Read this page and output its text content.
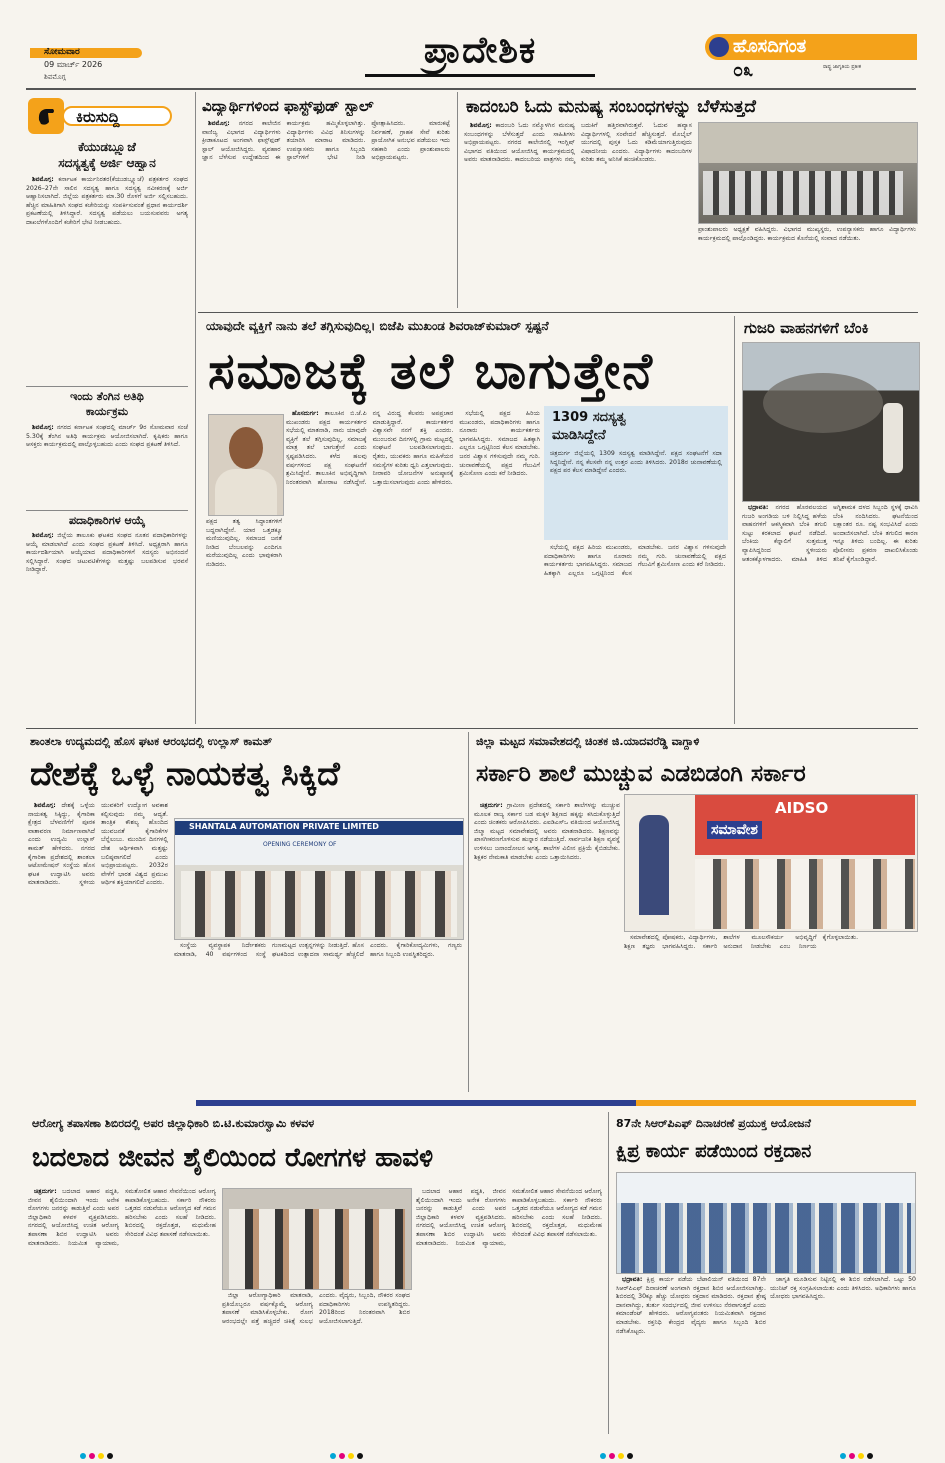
ಸೋಮವಾರ
09 ಮಾರ್ಚ್ 2026
ಶಿವಮೊಗ್ಗ
ಪ್ರಾದೇಶಿಕ	ಹೊಸದಿಗಂತ
ರಾಷ್ಟ್ರ ಜಾಗೃತಿಯ ಪ್ರತೀಕ
೦೩
ಕಿರುಸುದ್ದಿ
ಕೆಯುಡಬ್ಲ್ಯೂಜೆ
ಸದಸ್ಯತ್ವಕ್ಕೆ ಅರ್ಜಿ ಆಹ್ವಾನ

ಶಿವಮೊಗ್ಗ: ಕರ್ನಾಟಕ ಕಾರ್ಯನಿರತರ(ಕೆಯುಡಬ್ಲ್ಯೂಜೆ) ಪತ್ರಕರ್ತರ ಸಂಘದ 2026–27ನೇ ಸಾಲಿನ ಸದಸ್ಯತ್ವ ಹಾಗೂ ಸದಸ್ಯತ್ವ ನವೀಕರಣಕ್ಕೆ ಅರ್ಜಿ ಆಹ್ವಾನಿಸಲಾಗಿದೆ. ಜಿಲ್ಲೆಯ ಪತ್ರಕರ್ತರು ಮಾ.30 ರೊಳಗೆ ಅರ್ಜಿ ಸಲ್ಲಿಸಬಹುದು. ಹೆಚ್ಚಿನ ಮಾಹಿತಿಗಾಗಿ ಸಂಘದ ಕಚೇರಿಯನ್ನು ಸಂಪರ್ಕಿಸುವಂತೆ ಪ್ರಧಾನ ಕಾರ್ಯದರ್ಶಿ ಪ್ರಕಟಣೆಯಲ್ಲಿ ತಿಳಿಸಿದ್ದಾರೆ. ಸದಸ್ಯತ್ವ ಪಡೆಯಲು ಬಯಸುವವರು ಅಗತ್ಯ ದಾಖಲೆಗಳೊಂದಿಗೆ ಕಚೇರಿಗೆ ಭೇಟಿ ನೀಡಬಹುದು.

ಇಂದು ತೆಂಗಿನ ಅತಿಥಿ
ಕಾರ್ಯಕ್ರಮ

ಶಿವಮೊಗ್ಗ: ನಗರದ ಕರ್ನಾಟಕ ಸಂಘದಲ್ಲಿ ಮಾರ್ಚ್ 9ರ ಸೋಮವಾರ ಸಂಜೆ 5.30ಕ್ಕೆ ತೆಂಗಿನ ಅತಿಥಿ ಕಾರ್ಯಕ್ರಮ ಆಯೋಜಿಸಲಾಗಿದೆ. ಕೃಷಿಕರು ಹಾಗೂ ಆಸಕ್ತರು ಕಾರ್ಯಕ್ರಮದಲ್ಲಿ ಪಾಲ್ಗೊಳ್ಳಬಹುದು ಎಂದು ಸಂಘದ ಪ್ರಕಟಣೆ ತಿಳಿಸಿದೆ.

ಪದಾಧಿಕಾರಿಗಳ ಆಯ್ಕೆ

ಶಿವಮೊಗ್ಗ: ಜಿಲ್ಲೆಯ ತಾಲೂಕು ಘಟಕದ ಸಂಘದ ನೂತನ ಪದಾಧಿಕಾರಿಗಳನ್ನು ಆಯ್ಕೆ ಮಾಡಲಾಗಿದೆ ಎಂದು ಸಂಘದ ಪ್ರಕಟಣೆ ತಿಳಿಸಿದೆ. ಅಧ್ಯಕ್ಷರಾಗಿ ಹಾಗೂ ಕಾರ್ಯದರ್ಶಿಯಾಗಿ ಆಯ್ಕೆಯಾದ ಪದಾಧಿಕಾರಿಗಳಿಗೆ ಸದಸ್ಯರು ಅಭಿನಂದನೆ ಸಲ್ಲಿಸಿದ್ದಾರೆ. ಸಂಘದ ಚಟುವಟಿಕೆಗಳನ್ನು ಮತ್ತಷ್ಟು ಬಲಪಡಿಸುವ ಭರವಸೆ ನೀಡಿದ್ದಾರೆ.

ವಿದ್ಯಾರ್ಥಿಗಳಿಂದ ಫಾಸ್ಟ್‌ಫುಡ್ ಸ್ಟಾಲ್

ಶಿವಮೊಗ್ಗ: ನಗರದ ಕಾಲೇಜಿನ ವಾಣಿಜ್ಯ ವಿಭಾಗದ ವಿದ್ಯಾರ್ಥಿಗಳು ಕ್ರೀಡಾಕೂಟದ ಅಂಗವಾಗಿ ಫಾಸ್ಟ್‌ಫುಡ್ ಸ್ಟಾಲ್ ಆಯೋಜಿಸಿದ್ದರು. ವ್ಯವಹಾರ ಜ್ಞಾನ ಬೆಳೆಸುವ ಉದ್ದೇಶದಿಂದ ಈ ಕಾರ್ಯಕ್ರಮ ಹಮ್ಮಿಕೊಳ್ಳಲಾಗಿತ್ತು. ವಿದ್ಯಾರ್ಥಿಗಳು ವಿವಿಧ ತಿನಿಸುಗಳನ್ನು ತಯಾರಿಸಿ ಮಾರಾಟ ಮಾಡಿದರು. ಉಪನ್ಯಾಸಕರು ಹಾಗೂ ಸಿಬ್ಬಂದಿ ಸ್ಟಾಲ್‌ಗಳಿಗೆ ಭೇಟಿ ನೀಡಿ ಪ್ರೋತ್ಸಾಹಿಸಿದರು. ಮಾರುಕಟ್ಟೆ ನಿರ್ವಹಣೆ, ಗ್ರಾಹಕ ಸೇವೆ ಕುರಿತು ಪ್ರಾಯೋಗಿಕ ಅನುಭವ ಪಡೆಯಲು ಇದು ಸಹಕಾರಿ ಎಂದು ಪ್ರಾಂಶುಪಾಲರು ಅಭಿಪ್ರಾಯಪಟ್ಟರು.

ಕಾದಂಬರಿ ಓದು ಮನುಷ್ಯ ಸಂಬಂಧಗಳನ್ನು ಬೆಳೆಸುತ್ತದೆ

ಶಿವಮೊಗ್ಗ: ಕಾದಂಬರಿ ಓದು ನಮ್ಮೊಳಗಿನ ಮನುಷ್ಯ ಸಂಬಂಧಗಳನ್ನು ಬೆಳೆಸುತ್ತದೆ ಎಂದು ಸಾಹಿತಿಗಳು ಅಭಿಪ್ರಾಯಪಟ್ಟರು. ನಗರದ ಕಾಲೇಜಿನಲ್ಲಿ ಇಂಗ್ಲಿಷ್ ವಿಭಾಗದ ವತಿಯಿಂದ ಆಯೋಜಿಸಿದ್ದ ಕಾರ್ಯಕ್ರಮದಲ್ಲಿ ಅವರು ಮಾತನಾಡಿದರು. ಕಾದಂಬರಿಯ ಪಾತ್ರಗಳು ನಮ್ಮ ಬದುಕಿಗೆ ಹತ್ತಿರವಾಗಿರುತ್ತವೆ. ಓದುವ ಹವ್ಯಾಸ ವಿದ್ಯಾರ್ಥಿಗಳಲ್ಲಿ ಸಂವೇದನೆ ಹೆಚ್ಚಿಸುತ್ತದೆ. ಮೊಬೈಲ್ ಯುಗದಲ್ಲಿ ಪುಸ್ತಕ ಓದು ಕಡಿಮೆಯಾಗುತ್ತಿರುವುದು ವಿಷಾದನೀಯ ಎಂದರು. ವಿದ್ಯಾರ್ಥಿಗಳು ಕಾದಂಬರಿಗಳ ಕುರಿತು ತಮ್ಮ ಅನಿಸಿಕೆ ಹಂಚಿಕೊಂಡರು.

ಪ್ರಾಂಶುಪಾಲರು ಅಧ್ಯಕ್ಷತೆ ವಹಿಸಿದ್ದರು. ವಿಭಾಗದ ಮುಖ್ಯಸ್ಥರು, ಉಪನ್ಯಾಸಕರು ಹಾಗೂ ವಿದ್ಯಾರ್ಥಿಗಳು ಕಾರ್ಯಕ್ರಮದಲ್ಲಿ ಪಾಲ್ಗೊಂಡಿದ್ದರು. ಕಾರ್ಯಕ್ರಮದ ಕೊನೆಯಲ್ಲಿ ಸಂವಾದ ನಡೆಯಿತು.
ಯಾವುದೇ ವ್ಯಕ್ತಿಗೆ ನಾನು ತಲೆ ತಗ್ಗಿಸುವುದಿಲ್ಲ। ಬಿಜೆಪಿ ಮುಖಂಡ ಶಿವರಾಜ್‌ಕುಮಾರ್ ಸ್ಪಷ್ಟನೆ
ಸಮಾಜಕ್ಕೆ ತಲೆ ಬಾಗುತ್ತೇನೆ

ಹೊಸದುರ್ಗ: ತಾಲೂಕಿನ ಬಿ.ಜೆ.ಪಿ ಮುಖಂಡರು ಪಕ್ಷದ ಕಾರ್ಯಕರ್ತರ ಸಭೆಯಲ್ಲಿ ಮಾತನಾಡಿ, ನಾನು ಯಾವುದೇ ವ್ಯಕ್ತಿಗೆ ತಲೆ ತಗ್ಗಿಸುವುದಿಲ್ಲ, ಸಮಾಜಕ್ಕೆ ಮಾತ್ರ ತಲೆ ಬಾಗುತ್ತೇನೆ ಎಂದು ಸ್ಪಷ್ಟಪಡಿಸಿದರು. ಕಳೆದ ಹಲವು ವರ್ಷಗಳಿಂದ ಪಕ್ಷ ಸಂಘಟನೆಗೆ ಶ್ರಮಿಸಿದ್ದೇನೆ. ತಾಲೂಕಿನ ಅಭಿವೃದ್ಧಿಗಾಗಿ ನಿರಂತರವಾಗಿ ಹೋರಾಟ ನಡೆಸಿದ್ದೇನೆ. ನನ್ನ ವಿರುದ್ಧ ಕೆಲವರು ಅಪಪ್ರಚಾರ ಮಾಡುತ್ತಿದ್ದಾರೆ. ಕಾರ್ಯಕರ್ತರ ವಿಶ್ವಾಸವೇ ನನಗೆ ಶಕ್ತಿ ಎಂದರು. ಮುಂಬರುವ ದಿನಗಳಲ್ಲಿ ಗ್ರಾಮ ಮಟ್ಟದಲ್ಲಿ ಸಂಘಟನೆ ಬಲಪಡಿಸಲಾಗುವುದು. ರೈತರು, ಯುವಕರು ಹಾಗೂ ಮಹಿಳೆಯರ ಸಮಸ್ಯೆಗಳ ಕುರಿತು ಧ್ವನಿ ಎತ್ತಲಾಗುವುದು. ನೀರಾವರಿ ಯೋಜನೆಗಳ ಅನುಷ್ಠಾನಕ್ಕೆ ಒತ್ತಾಯಿಸಲಾಗುವುದು ಎಂದು ಹೇಳಿದರು.

ಸಭೆಯಲ್ಲಿ ಪಕ್ಷದ ಹಿರಿಯ ಮುಖಂಡರು, ಪದಾಧಿಕಾರಿಗಳು ಹಾಗೂ ನೂರಾರು ಕಾರ್ಯಕರ್ತರು ಭಾಗವಹಿಸಿದ್ದರು. ಸಮಾಜದ ಹಿತಕ್ಕಾಗಿ ಎಲ್ಲರೂ ಒಗ್ಗಟ್ಟಿನಿಂದ ಕೆಲಸ ಮಾಡಬೇಕು. ಜನರ ವಿಶ್ವಾಸ ಗಳಿಸುವುದೇ ನಮ್ಮ ಗುರಿ. ಚುನಾವಣೆಯಲ್ಲಿ ಪಕ್ಷದ ಗೆಲುವಿಗೆ ಶ್ರಮಿಸೋಣ ಎಂದು ಕರೆ ನೀಡಿದರು.

ಪಕ್ಷದ ತತ್ವ ಸಿದ್ಧಾಂತಗಳಿಗೆ ಬದ್ಧನಾಗಿದ್ದೇನೆ. ಯಾರ ಒತ್ತಡಕ್ಕೂ ಮಣಿಯುವುದಿಲ್ಲ. ಸಮಾಜದ ಜನತೆ ನೀಡಿದ ಬೆಂಬಲವನ್ನು ಎಂದಿಗೂ ಮರೆಯುವುದಿಲ್ಲ ಎಂದು ಭಾವುಕರಾಗಿ ನುಡಿದರು.
1309 ಸದಸ್ಯತ್ವ
ಮಾಡಿಸಿದ್ದೇನೆ
ಚಿತ್ರದುರ್ಗ ಜಿಲ್ಲೆಯಲ್ಲಿ 1309 ಸದಸ್ಯತ್ವ ಮಾಡಿಸಿದ್ದೇನೆ. ಪಕ್ಷದ ಸಂಘಟನೆಗೆ ಸದಾ ಸಿದ್ಧನಿದ್ದೇನೆ. ನನ್ನ ಕೆಲಸವೇ ನನ್ನ ಉತ್ತರ ಎಂದು ತಿಳಿಸಿದರು. 2018ರ ಚುನಾವಣೆಯಲ್ಲಿ ಪಕ್ಷದ ಪರ ಕೆಲಸ ಮಾಡಿದ್ದೇನೆ ಎಂದರು.

ಸಭೆಯಲ್ಲಿ ಪಕ್ಷದ ಹಿರಿಯ ಮುಖಂಡರು, ಪದಾಧಿಕಾರಿಗಳು ಹಾಗೂ ನೂರಾರು ಕಾರ್ಯಕರ್ತರು ಭಾಗವಹಿಸಿದ್ದರು. ಸಮಾಜದ ಹಿತಕ್ಕಾಗಿ ಎಲ್ಲರೂ ಒಗ್ಗಟ್ಟಿನಿಂದ ಕೆಲಸ ಮಾಡಬೇಕು. ಜನರ ವಿಶ್ವಾಸ ಗಳಿಸುವುದೇ ನಮ್ಮ ಗುರಿ. ಚುನಾವಣೆಯಲ್ಲಿ ಪಕ್ಷದ ಗೆಲುವಿಗೆ ಶ್ರಮಿಸೋಣ ಎಂದು ಕರೆ ನೀಡಿದರು.

ಗುಜರಿ ವಾಹನಗಳಿಗೆ ಬೆಂಕಿ

ಭದ್ರಾವತಿ: ನಗರದ ಹೊರವಲಯದ ಗುಜರಿ ಅಂಗಡಿಯ ಬಳಿ ನಿಲ್ಲಿಸಿದ್ದ ಹಳೆಯ ವಾಹನಗಳಿಗೆ ಆಕಸ್ಮಿಕವಾಗಿ ಬೆಂಕಿ ತಗುಲಿ ಸುಟ್ಟು ಕರಕಲಾದ ಘಟನೆ ನಡೆದಿದೆ. ಬೆಂಕಿಯ ಕೆನ್ನಾಲಿಗೆ ಸುತ್ತಮುತ್ತ ವ್ಯಾಪಿಸಿದ್ದರಿಂದ ಸ್ಥಳೀಯರು ಆತಂಕಕ್ಕೊಳಗಾದರು. ಮಾಹಿತಿ ತಿಳಿದ ಅಗ್ನಿಶಾಮಕ ದಳದ ಸಿಬ್ಬಂದಿ ಸ್ಥಳಕ್ಕೆ ಧಾವಿಸಿ ಬೆಂಕಿ ನಂದಿಸಿದರು. ಘಟನೆಯಿಂದ ಲಕ್ಷಾಂತರ ರೂ. ನಷ್ಟ ಸಂಭವಿಸಿದೆ ಎಂದು ಅಂದಾಜಿಸಲಾಗಿದೆ. ಬೆಂಕಿ ತಗುಲಿದ ಕಾರಣ ಇನ್ನೂ ತಿಳಿದು ಬಂದಿಲ್ಲ. ಈ ಕುರಿತು ಪೊಲೀಸರು ಪ್ರಕರಣ ದಾಖಲಿಸಿಕೊಂಡು ತನಿಖೆ ಕೈಗೊಂಡಿದ್ದಾರೆ.

ಶಾಂತಲಾ ಉದ್ಯಮದಲ್ಲಿ ಹೊಸ ಘಟಕ ಆರಂಭದಲ್ಲಿ ಉಲ್ಲಾಸ್ ಕಾಮತ್
ದೇಶಕ್ಕೆ ಒಳ್ಳೆ ನಾಯಕತ್ವ ಸಿಕ್ಕಿದೆ

ಶಿವಮೊಗ್ಗ: ದೇಶಕ್ಕೆ ಒಳ್ಳೆಯ ನಾಯಕತ್ವ ಸಿಕ್ಕಿದ್ದು, ಕೈಗಾರಿಕಾ ಕ್ಷೇತ್ರದ ಬೆಳವಣಿಗೆಗೆ ಪೂರಕ ವಾತಾವರಣ ನಿರ್ಮಾಣವಾಗಿದೆ ಎಂದು ಉದ್ಯಮಿ ಉಲ್ಲಾಸ್ ಕಾಮತ್ ಹೇಳಿದರು. ನಗರದ ಕೈಗಾರಿಕಾ ಪ್ರದೇಶದಲ್ಲಿ ಶಾಂತಲಾ ಆಟೋಮೇಷನ್ ಸಂಸ್ಥೆಯ ಹೊಸ ಘಟಕ ಉದ್ಘಾಟಿಸಿ ಅವರು ಮಾತನಾಡಿದರು. ಸ್ಥಳೀಯ ಯುವಕರಿಗೆ ಉದ್ಯೋಗ ಅವಕಾಶ ಕಲ್ಪಿಸುವುದು ನಮ್ಮ ಆದ್ಯತೆ. ತಾಂತ್ರಿಕ ಕೌಶಲ್ಯ ಹೊಂದಿದ ಯುವಜನತೆ ಕೈಗಾರಿಕೆಗಳ ಬೆನ್ನೆಲುಬು. ಮುಂದಿನ ದಿನಗಳಲ್ಲಿ ದೇಶ ಆರ್ಥಿಕವಾಗಿ ಮತ್ತಷ್ಟು ಬಲಿಷ್ಠವಾಗಲಿದೆ ಎಂದು ಅಭಿಪ್ರಾಯಪಟ್ಟರು. 2032ರ ವೇಳೆಗೆ ಭಾರತ ವಿಶ್ವದ ಪ್ರಮುಖ ಆರ್ಥಿಕ ಶಕ್ತಿಯಾಗಲಿದೆ ಎಂದರು.

SHANTALA AUTOMATION PRIVATE LIMITED
OPENING CEREMONY OF

ಸಂಸ್ಥೆಯ ವ್ಯವಸ್ಥಾಪಕ ನಿರ್ದೇಶಕರು ಮಾತನಾಡಿ, 40 ವರ್ಷಗಳಿಂದ ಸಂಸ್ಥೆ ಗುಣಮಟ್ಟದ ಉತ್ಪನ್ನಗಳನ್ನು ನೀಡುತ್ತಿದೆ. ಹೊಸ ಘಟಕದಿಂದ ಉತ್ಪಾದನಾ ಸಾಮರ್ಥ್ಯ ಹೆಚ್ಚಲಿದೆ ಎಂದರು. ಕೈಗಾರಿಕೋದ್ಯಮಿಗಳು, ಗಣ್ಯರು ಹಾಗೂ ಸಿಬ್ಬಂದಿ ಉಪಸ್ಥಿತರಿದ್ದರು.

ಜಿಲ್ಲಾ ಮಟ್ಟದ ಸಮಾವೇಶದಲ್ಲಿ ಚಿಂತಕ ಜಿ.ಯಾದವರೆಡ್ಡಿ ವಾಗ್ದಾಳಿ
ಸರ್ಕಾರಿ ಶಾಲೆ ಮುಚ್ಚುವ ಎಡಬಿಡಂಗಿ ಸರ್ಕಾರ

ಚಿತ್ರದುರ್ಗ: ಗ್ರಾಮೀಣ ಪ್ರದೇಶದಲ್ಲಿ ಸರ್ಕಾರಿ ಶಾಲೆಗಳನ್ನು ಮುಚ್ಚುವ ಮೂಲಕ ರಾಜ್ಯ ಸರ್ಕಾರ ಬಡ ಮಕ್ಕಳ ಶಿಕ್ಷಣದ ಹಕ್ಕನ್ನು ಕಸಿದುಕೊಳ್ಳುತ್ತಿದೆ ಎಂದು ಚಿಂತಕರು ಆರೋಪಿಸಿದರು. ಎಐಡಿಎಸ್‌ಒ ವತಿಯಿಂದ ಆಯೋಜಿಸಿದ್ದ ಜಿಲ್ಮಾ ಮಟ್ಟದ ಸಮಾವೇಶದಲ್ಲಿ ಅವರು ಮಾತನಾಡಿದರು. ಶಿಕ್ಷಣವನ್ನು ಖಾಸಗೀಕರಣಗೊಳಿಸುವ ಹುನ್ನಾರ ನಡೆಯುತ್ತಿದೆ. ಸಾರ್ವಜನಿಕ ಶಿಕ್ಷಣ ವ್ಯವಸ್ಥೆ ಉಳಿಸಲು ಜನಾಂದೋಲನ ಅಗತ್ಯ. ಶಾಲೆಗಳ ವಿಲೀನ ಪ್ರಕ್ರಿಯೆ ಕೈಬಿಡಬೇಕು. ಶಿಕ್ಷಕರ ನೇಮಕಾತಿ ಮಾಡಬೇಕು ಎಂದು ಒತ್ತಾಯಿಸಿದರು.

AIDSO
ಸಮಾವೇಶ

ಸಮಾವೇಶದಲ್ಲಿ ಪೋಷಕರು, ವಿದ್ಯಾರ್ಥಿಗಳು, ಶಿಕ್ಷಣ ತಜ್ಞರು ಭಾಗವಹಿಸಿದ್ದರು. ಸರ್ಕಾರಿ ಶಾಲೆಗಳ ಮೂಲಸೌಕರ್ಯ ಅಭಿವೃದ್ಧಿಗೆ ಅನುದಾನ ನೀಡಬೇಕು ಎಂಬ ನಿರ್ಣಯ ಕೈಗೊಳ್ಳಲಾಯಿತು.

ಆರೋಗ್ಯ ತಪಾಸಣಾ ಶಿಬಿರದಲ್ಲಿ ಅಪರ ಜಿಲ್ಲಾಧಿಕಾರಿ ಬಿ.ಟಿ.ಕುಮಾರಸ್ವಾಮಿ ಕಳವಳ
ಬದಲಾದ ಜೀವನ ಶೈಲಿಯಿಂದ ರೋಗಗಳ ಹಾವಳಿ

ಚಿತ್ರದುರ್ಗ: ಬದಲಾದ ಆಹಾರ ಪದ್ಧತಿ, ಜೀವನ ಶೈಲಿಯಿಂದಾಗಿ ಇಂದು ಅನೇಕ ರೋಗಗಳು ಜನರನ್ನು ಕಾಡುತ್ತಿವೆ ಎಂದು ಅಪರ ಜಿಲ್ಲಾಧಿಕಾರಿ ಕಳವಳ ವ್ಯಕ್ತಪಡಿಸಿದರು. ನಗರದಲ್ಲಿ ಆಯೋಜಿಸಿದ್ದ ಉಚಿತ ಆರೋಗ್ಯ ತಪಾಸಣಾ ಶಿಬಿರ ಉದ್ಘಾಟಿಸಿ ಅವರು ಮಾತನಾಡಿದರು. ನಿಯಮಿತ ವ್ಯಾಯಾಮ, ಸಮತೋಲಿತ ಆಹಾರ ಸೇವನೆಯಿಂದ ಆರೋಗ್ಯ ಕಾಪಾಡಿಕೊಳ್ಳಬಹುದು. ಸರ್ಕಾರಿ ನೌಕರರು ಒತ್ತಡದ ನಡುವೆಯೂ ಆರೋಗ್ಯದ ಕಡೆ ಗಮನ ಹರಿಸಬೇಕು ಎಂದು ಸಲಹೆ ನೀಡಿದರು. ಶಿಬಿರದಲ್ಲಿ ರಕ್ತದೊತ್ತಡ, ಮಧುಮೇಹ ಸೇರಿದಂತೆ ವಿವಿಧ ತಪಾಸಣೆ ನಡೆಸಲಾಯಿತು.

ಜಿಲ್ಲಾ ಆರೋಗ್ಯಾಧಿಕಾರಿ ಮಾತನಾಡಿ, ಪ್ರತಿಯೊಬ್ಬರೂ ವರ್ಷಕ್ಕೊಮ್ಮೆ ಆರೋಗ್ಯ ತಪಾಸಣೆ ಮಾಡಿಸಿಕೊಳ್ಳಬೇಕು. ರೋಗ ಆರಂಭದಲ್ಲೇ ಪತ್ತೆ ಹಚ್ಚಿದರೆ ಚಿಕಿತ್ಸೆ ಸುಲಭ ಎಂದರು. ವೈದ್ಯರು, ಸಿಬ್ಬಂದಿ, ನೌಕರರ ಸಂಘದ ಪದಾಧಿಕಾರಿಗಳು ಉಪಸ್ಥಿತರಿದ್ದರು. 2018ರಿಂದ ನಿರಂತರವಾಗಿ ಶಿಬಿರ ಆಯೋಜಿಸಲಾಗುತ್ತಿದೆ.

ಬದಲಾದ ಆಹಾರ ಪದ್ಧತಿ, ಜೀವನ ಶೈಲಿಯಿಂದಾಗಿ ಇಂದು ಅನೇಕ ರೋಗಗಳು ಜನರನ್ನು ಕಾಡುತ್ತಿವೆ ಎಂದು ಅಪರ ಜಿಲ್ಲಾಧಿಕಾರಿ ಕಳವಳ ವ್ಯಕ್ತಪಡಿಸಿದರು. ನಗರದಲ್ಲಿ ಆಯೋಜಿಸಿದ್ದ ಉಚಿತ ಆರೋಗ್ಯ ತಪಾಸಣಾ ಶಿಬಿರ ಉದ್ಘಾಟಿಸಿ ಅವರು ಮಾತನಾಡಿದರು. ನಿಯಮಿತ ವ್ಯಾಯಾಮ, ಸಮತೋಲಿತ ಆಹಾರ ಸೇವನೆಯಿಂದ ಆರೋಗ್ಯ ಕಾಪಾಡಿಕೊಳ್ಳಬಹುದು. ಸರ್ಕಾರಿ ನೌಕರರು ಒತ್ತಡದ ನಡುವೆಯೂ ಆರೋಗ್ಯದ ಕಡೆ ಗಮನ ಹರಿಸಬೇಕು ಎಂದು ಸಲಹೆ ನೀಡಿದರು. ಶಿಬಿರದಲ್ಲಿ ರಕ್ತದೊತ್ತಡ, ಮಧುಮೇಹ ಸೇರಿದಂತೆ ವಿವಿಧ ತಪಾಸಣೆ ನಡೆಸಲಾಯಿತು.

87ನೇ ಸಿಆರ್‌ಪಿಎಫ್ ದಿನಾಚರಣೆ ಪ್ರಯುಕ್ತ ಆಯೋಜನೆ
ಕ್ಷಿಪ್ರ ಕಾರ್ಯ ಪಡೆಯಿಂದ ರಕ್ತದಾನ

ಭದ್ರಾವತಿ: ಕ್ಷಿಪ್ರ ಕಾರ್ಯ ಪಡೆಯ ಬೆಟಾಲಿಯನ್ ವತಿಯಿಂದ 87ನೇ ಸಿಆರ್‌ಪಿಎಫ್ ದಿನಾಚರಣೆ ಅಂಗವಾಗಿ ರಕ್ತದಾನ ಶಿಬಿರ ಆಯೋಜಿಸಲಾಗಿತ್ತು. ಶಿಬಿರದಲ್ಲಿ 30ಕ್ಕೂ ಹೆಚ್ಚು ಯೋಧರು ರಕ್ತದಾನ ಮಾಡಿದರು. ರಕ್ತದಾನ ಶ್ರೇಷ್ಠ ದಾನವಾಗಿದ್ದು, ತುರ್ತು ಸಂದರ್ಭದಲ್ಲಿ ಜೀವ ಉಳಿಸಲು ನೆರವಾಗುತ್ತದೆ ಎಂದು ಕಮಾಂಡೆಂಟ್ ಹೇಳಿದರು. ಆರೋಗ್ಯವಂತರು ನಿಯಮಿತವಾಗಿ ರಕ್ತದಾನ ಮಾಡಬೇಕು. ರಕ್ತನಿಧಿ ಕೇಂದ್ರದ ವೈದ್ಯರು ಹಾಗೂ ಸಿಬ್ಬಂದಿ ಶಿಬಿರ ನಡೆಸಿಕೊಟ್ಟರು.

ಜಾಗೃತಿ ಮೂಡಿಸುವ ನಿಟ್ಟಿನಲ್ಲಿ ಈ ಶಿಬಿರ ನಡೆಸಲಾಗಿದೆ. ಒಟ್ಟು 50 ಯುನಿಟ್ ರಕ್ತ ಸಂಗ್ರಹಿಸಲಾಯಿತು ಎಂದು ತಿಳಿಸಿದರು. ಅಧಿಕಾರಿಗಳು ಹಾಗೂ ಯೋಧರು ಭಾಗವಹಿಸಿದ್ದರು.
